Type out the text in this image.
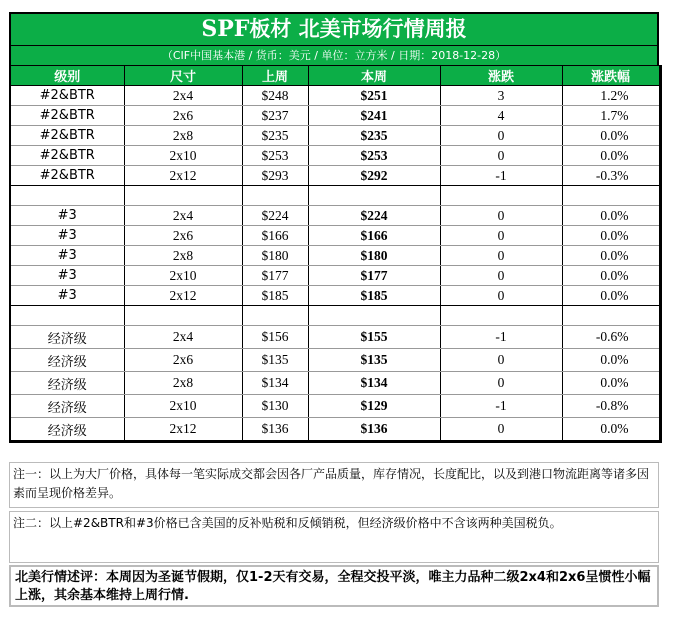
SPF板材 北美市场行情周报
（CIF中国基本港 / 货币：美元 / 单位：立方米 / 日期：2018-12-28）
级别	尺寸	上周	本周	涨跌	涨跌幅
#2&BTR	2x4	$248	$251	3	1.2%
#2&BTR	2x6	$237	$241	4	1.7%
#2&BTR	2x8	$235	$235	0	0.0%
#2&BTR	2x10	$253	$253	0	0.0%
#2&BTR	2x12	$293	$292	-1	-0.3%

#3	2x4	$224	$224	0	0.0%
#3	2x6	$166	$166	0	0.0%
#3	2x8	$180	$180	0	0.0%
#3	2x10	$177	$177	0	0.0%
#3	2x12	$185	$185	0	0.0%

经济级	2x4	$156	$155	-1	-0.6%
经济级	2x6	$135	$135	0	0.0%
经济级	2x8	$134	$134	0	0.0%
经济级	2x10	$130	$129	-1	-0.8%
经济级	2x12	$136	$136	0	0.0%
注一：以上为大厂价格，具体每一笔实际成交都会因各厂产品质量，库存情况，长度配比，以及到港口物流距离等诸多因素而呈现价格差异。
注二：以上#2&BTR和#3价格已含美国的反补贴税和反倾销税，但经济级价格中不含该两种美国税负。
北美行情述评：本周因为圣诞节假期，仅1-2天有交易，全程交投平淡，唯主力品种二级2x4和2x6呈惯性小幅上涨，其余基本维持上周行情.
